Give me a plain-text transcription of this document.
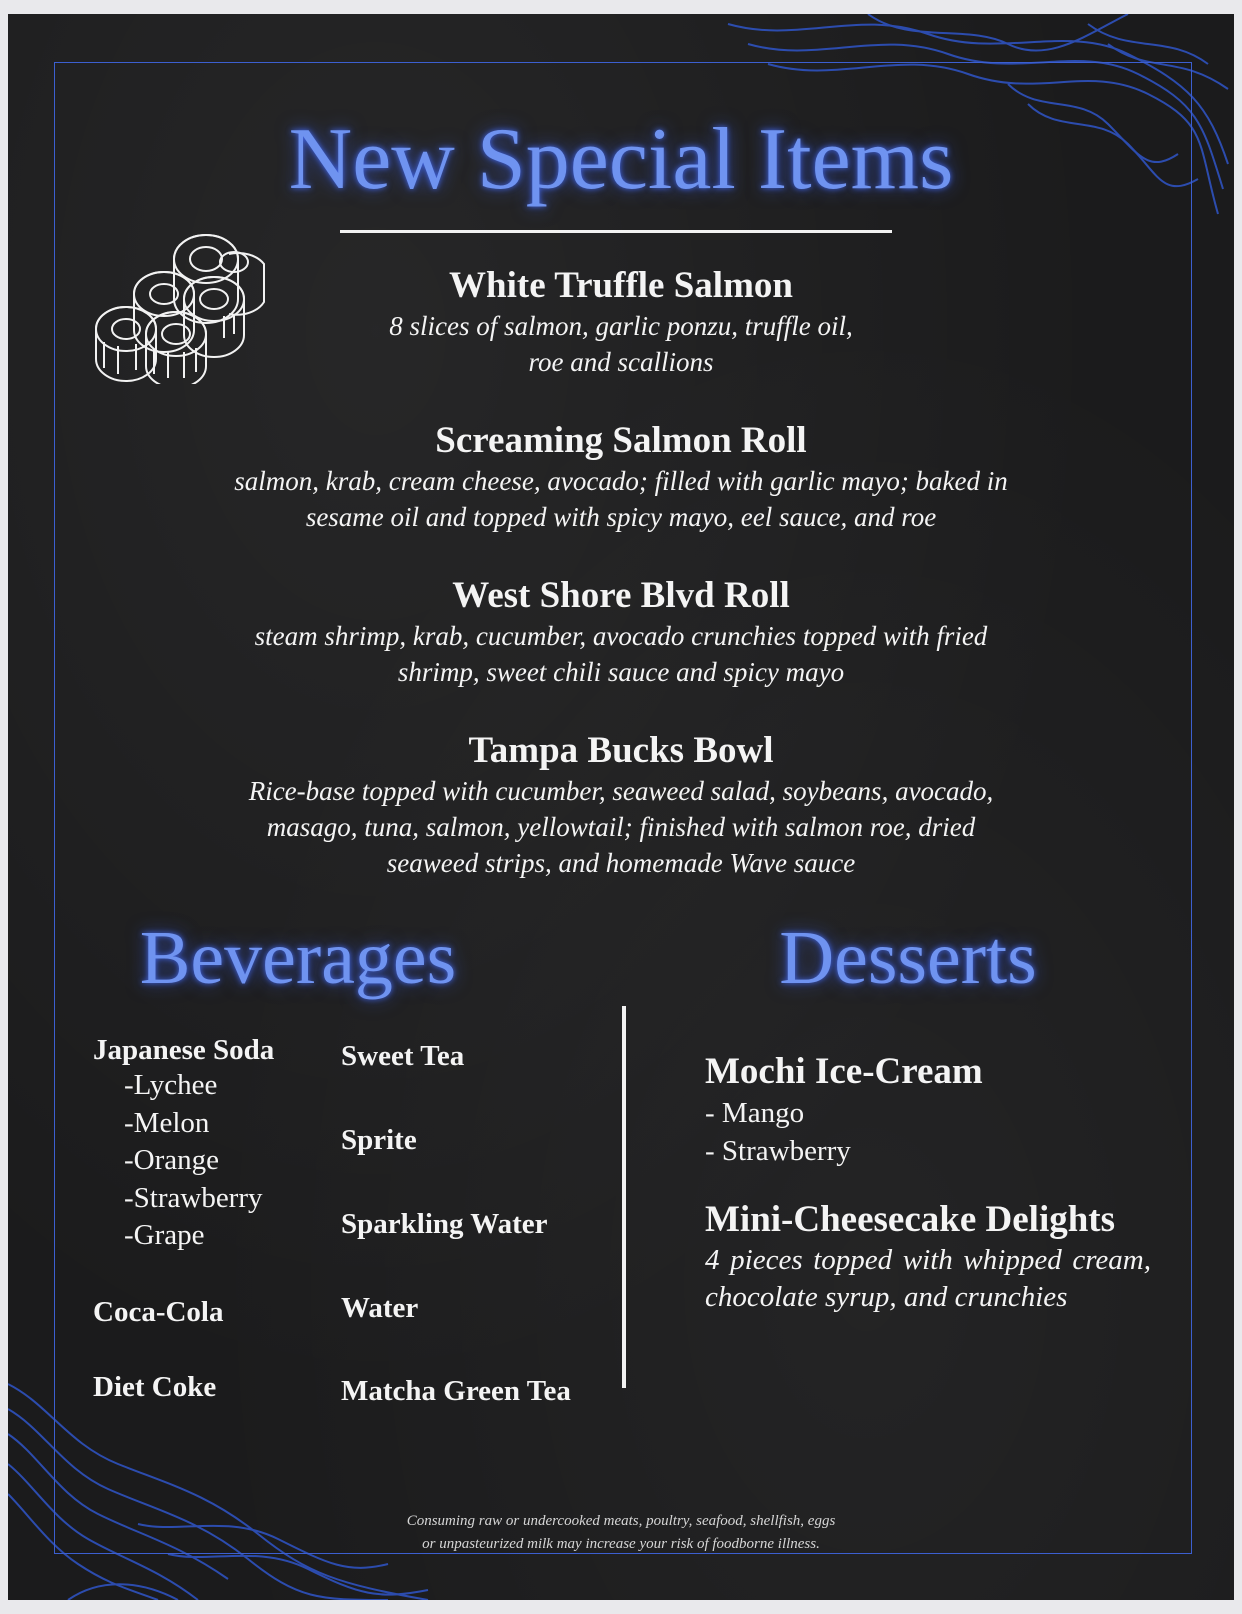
New Special Items
White Truffle Salmon
8 slices of salmon, garlic ponzu, truffle oil,
roe and scallions
Screaming Salmon Roll
salmon, krab, cream cheese, avocado; filled with garlic mayo; baked in
sesame oil and topped with spicy mayo, eel sauce, and roe
West Shore Blvd Roll
steam shrimp, krab, cucumber, avocado crunchies topped with fried
shrimp, sweet chili sauce and spicy mayo
Tampa Bucks Bowl
Rice-base topped with cucumber, seaweed salad, soybeans, avocado,
masago, tuna, salmon, yellowtail; finished with salmon roe, dried
seaweed strips, and homemade Wave sauce
Beverages	Desserts
Japanese Soda
-Lychee
-Melon
-Orange
-Strawberry
-Grape
Coca-Cola
Diet Coke
Sweet Tea
Sprite
Sparkling Water
Water
Matcha Green Tea
Mochi Ice-Cream
- Mango
- Strawberry
Mini-Cheesecake Delights
4 pieces topped with whipped cream, chocolate syrup, and crunchies
Consuming raw or undercooked meats, poultry, seafood, shellfish, eggs
or unpasteurized milk may increase your risk of foodborne illness.
